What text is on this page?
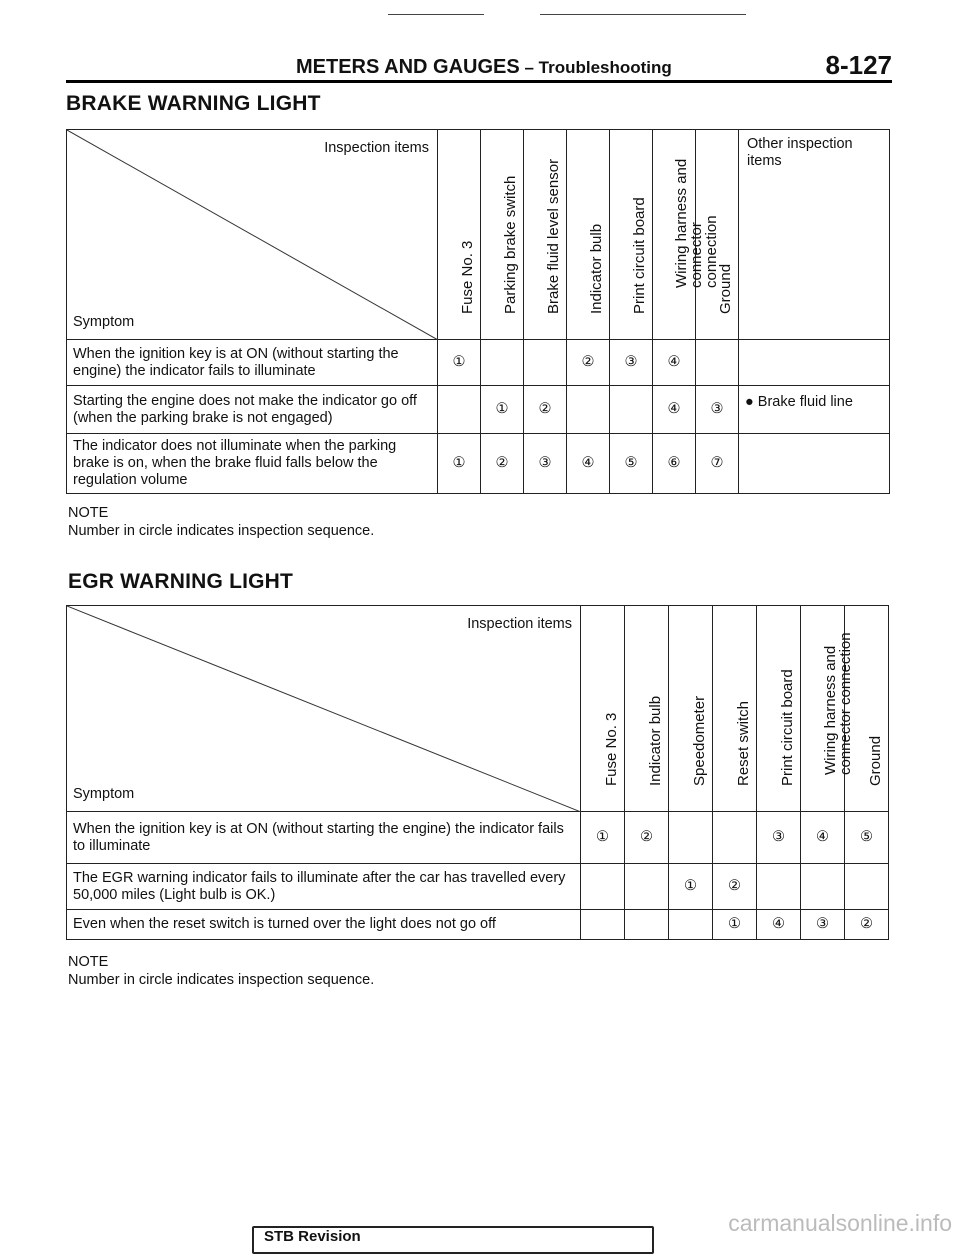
METERS AND GAUGES – Troubleshooting	8-127
BRAKE WARNING LIGHT
Inspection items
Symptom	Fuse No. 3	Parking brake switch	Brake fluid level sensor	Indicator bulb	Print circuit board	Wiring harness and connector connection	Ground	Other inspection items
When the ignition key is at ON (without starting the engine) the indicator fails to illuminate	①			②	③	④		
Starting the engine does not make the indicator go off (when the parking brake is not engaged)		①	②			④	③	● Brake fluid line
The indicator does not illuminate when the parking brake is on, when the brake fluid falls below the regulation volume	①	②	③	④	⑤	⑥	⑦	
NOTE
Number in circle indicates inspection sequence.
EGR WARNING LIGHT
Inspection items
Symptom	Fuse No. 3	Indicator bulb	Speedometer	Reset switch	Print circuit board	Wiring harness and connector connection	Ground

When the ignition key is at ON (without starting the engine) the indicator fails to illuminate	①	②			③	④	⑤
The EGR warning indicator fails to illuminate after the car has travelled every 50,000 miles (Light bulb is OK.)			①	②			
Even when the reset switch is turned over the light does not go off				①	④	③	②
NOTE
Number in circle indicates inspection sequence.
STB Revision
carmanualsonline.info
